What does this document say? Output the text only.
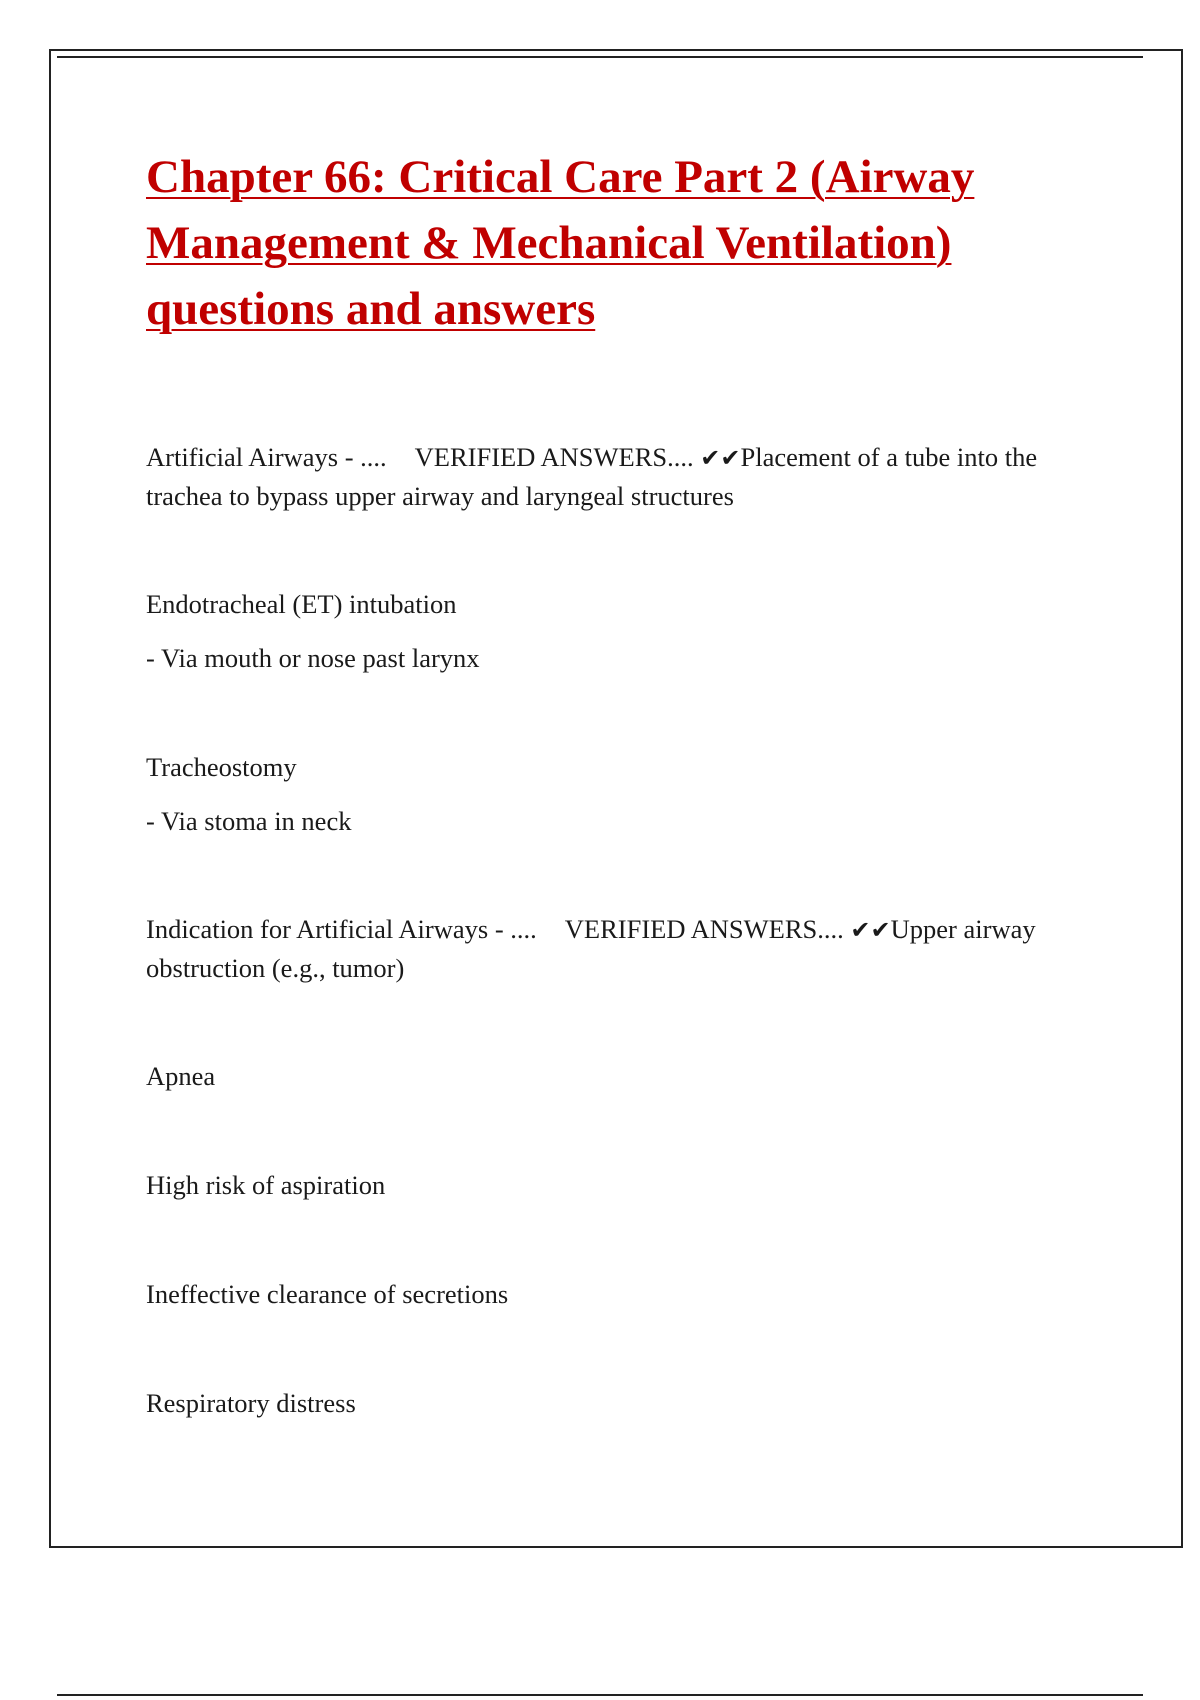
Chapter 66: Critical Care Part 2 (Airway Management & Mechanical Ventilation) questions and answers

Artificial Airways - .... VERIFIED ANSWERS.... ✔✔Placement of a tube into the trachea to bypass upper airway and laryngeal structures

Endotracheal (ET) intubation

- Via mouth or nose past larynx

Tracheostomy

- Via stoma in neck

Indication for Artificial Airways - .... VERIFIED ANSWERS.... ✔✔Upper airway obstruction (e.g., tumor)

Apnea

High risk of aspiration

Ineffective clearance of secretions

Respiratory distress
